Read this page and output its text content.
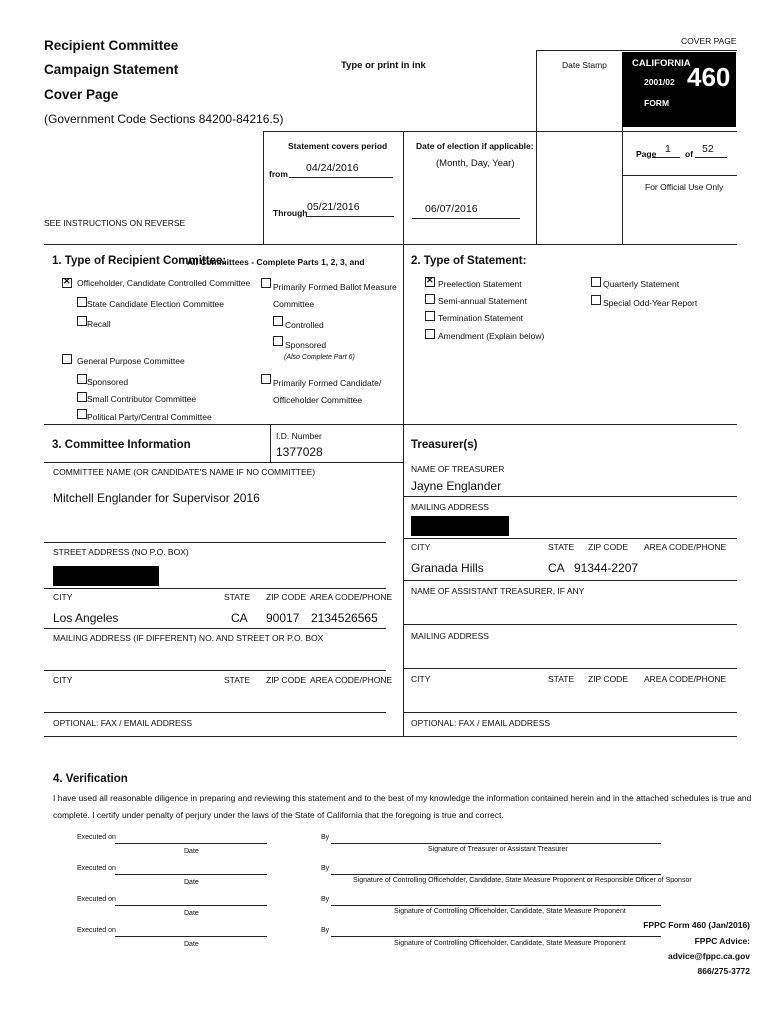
COVER PAGE
Recipient Committee
Campaign Statement
Cover Page
(Government Code Sections 84200-84216.5)
Type or print in ink	Date Stamp	CALIFORNIA
2001/02
FORM
460
Statement covers period
from 04/24/2016
Through 05/21/2016
Date of election if applicable:
(Month, Day, Year)
06/07/2016
Page 1 of 52
For Official Use Only
SEE INSTRUCTIONS ON REVERSE
1. Type of Recipient Committee:
All Committees - Complete Parts 1, 2, 3, and
✕
Officeholder, Candidate Controlled Committee
State Candidate Election Committee
Recall
General Purpose Committee
Sponsored
Small Contributor Committee
Political Party/Central Committee
Primarily Formed Ballot Measure
Committee
Controlled
Sponsored
(Also Complete Part 6)
Primarily Formed Candidate/
Officeholder Committee
2. Type of Statement:
✕
Preelection Statement
Semi-annual Statement
Termination Statement
Amendment (Explain below)
Quarterly Statement
Special Odd-Year Report
3. Committee Information
I.D. Number
1377028
COMMITTEE NAME (OR CANDIDATE'S NAME IF NO COMMITTEE)
Mitchell Englander for Supervisor 2016
STREET ADDRESS (NO P.O. BOX)
CITY	STATE ZIP CODE AREA CODE/PHONE
Los Angeles	CA 90017 2134526565
MAILING ADDRESS (IF DIFFERENT) NO. AND STREET OR P.O. BOX
CITY	STATE ZIP CODE AREA CODE/PHONE
OPTIONAL: FAX / EMAIL ADDRESS
Treasurer(s)
NAME OF TREASURER
Jayne Englander
MAILING ADDRESS
CITY	STATE ZIP CODE AREA CODE/PHONE
Granada Hills	CA 91344-2207
NAME OF ASSISTANT TREASURER, IF ANY
MAILING ADDRESS
CITY	STATE ZIP CODE AREA CODE/PHONE
OPTIONAL: FAX / EMAIL ADDRESS
4. Verification
I have used all reasonable diligence in preparing and reviewing this statement and to the best of my knowledge the information contained herein and in the attached schedules is true and
complete. I certify under penalty of perjury under the laws of the State of California that the foregoing is true and correct.
Executed on
Date
By
Signature of Treasurer or Assistant Treasurer
Executed on
Date
By
Signature of Controlling Officeholder, Candidate, State Measure Proponent or Responsible Officer of Sponsor
Executed on
Date
By
Signature of Controlling Officeholder, Candidate, State Measure Proponent
Executed on
Date
By
Signature of Controlling Officeholder, Candidate, State Measure Proponent
FPPC Form 460 (Jan/2016)
FPPC Advice:
advice@fppc.ca.gov
866/275-3772
